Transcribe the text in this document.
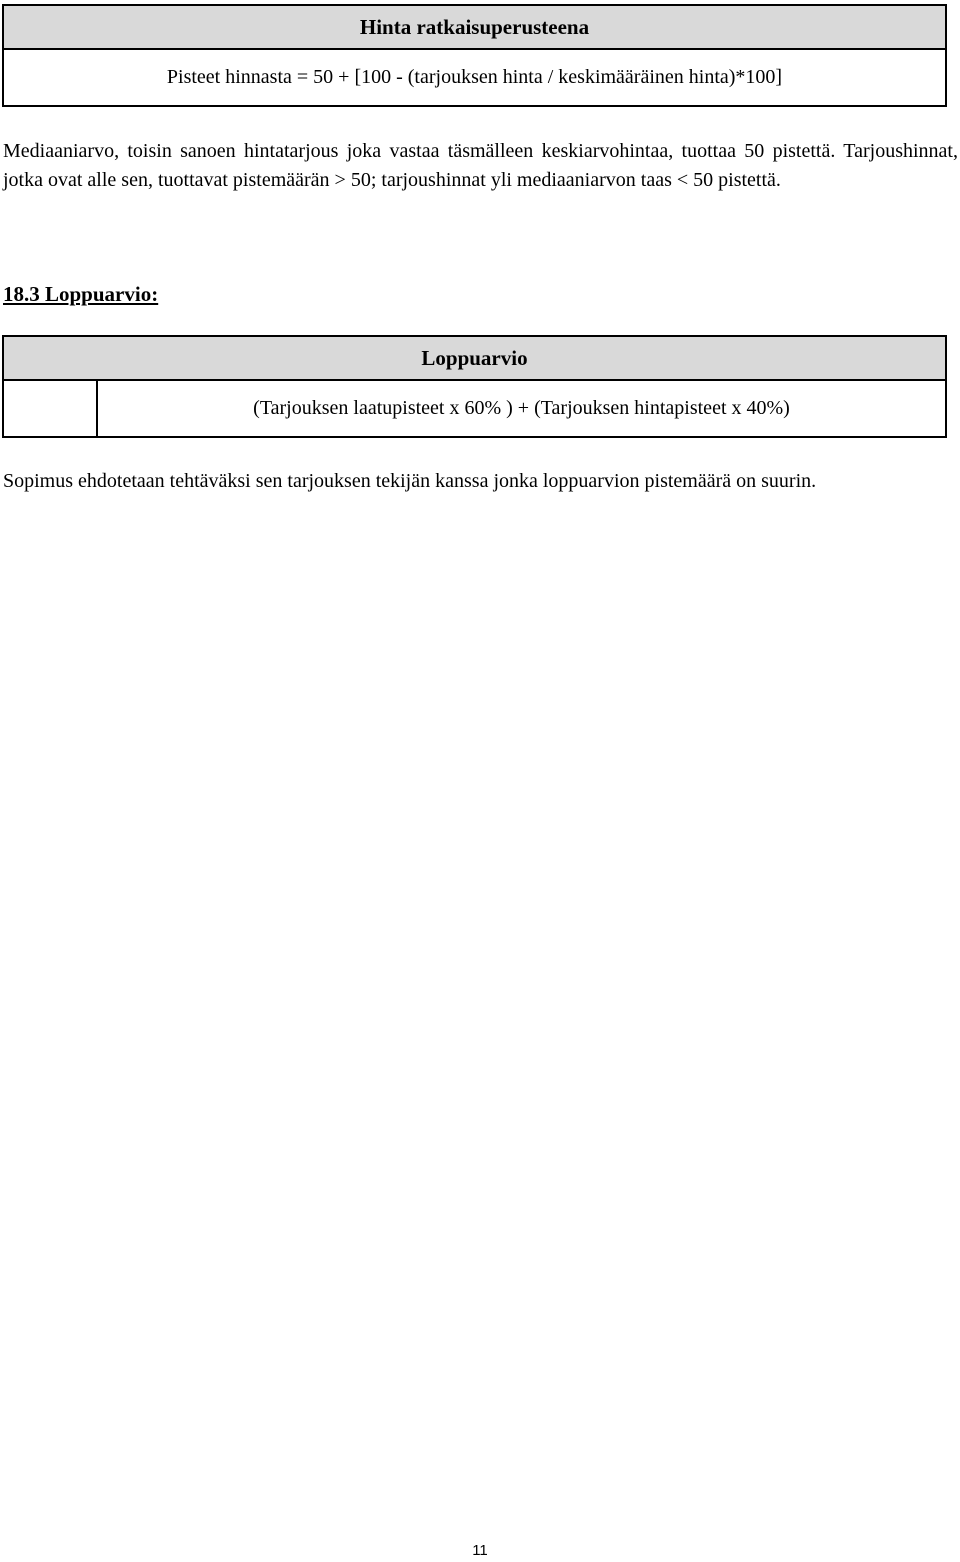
Hinta ratkaisuperusteena
Pisteet hinnasta = 50 + [100 - (tarjouksen hinta / keskimääräinen hinta)*100]

Mediaaniarvo, toisin sanoen hintatarjous joka vastaa täsmälleen keskiarvohintaa, tuottaa 50 pistettä. Tarjoushinnat, jotka ovat alle sen, tuottavat pistemäärän > 50; tarjoushinnat yli mediaaniarvon taas < 50 pistettä.

18.3 Loppuarvio:

Loppuarvio
	(Tarjouksen laatupisteet x 60% ) + (Tarjouksen hintapisteet x 40%)

Sopimus ehdotetaan tehtäväksi sen tarjouksen tekijän kanssa jonka loppuarvion pistemäärä on suurin.

11
